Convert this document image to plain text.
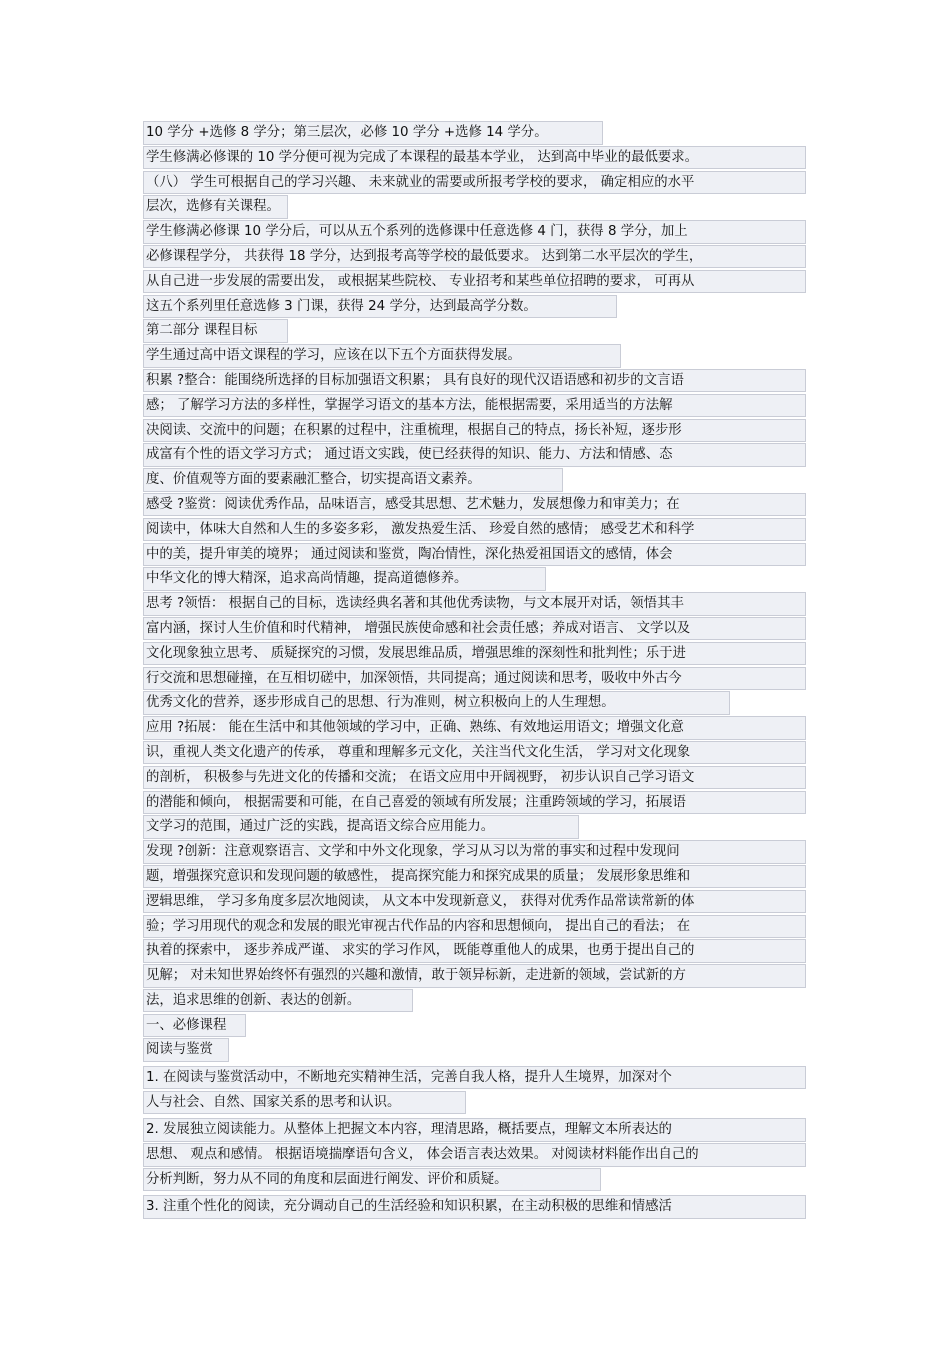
10 学分 +选修 8 学分；第三层次，必修 10 学分 +选修 14 学分。
学生修满必修课的 10 学分便可视为完成了本课程的最基本学业， 达到高中毕业的最低要求。
（八） 学生可根据自己的学习兴趣、 未来就业的需要或所报考学校的要求， 确定相应的水平
层次，选修有关课程。
学生修满必修课 10 学分后，可以从五个系列的选修课中任意选修 4 门，获得 8 学分，加上
必修课程学分， 共获得 18 学分，达到报考高等学校的最低要求。 达到第二水平层次的学生，
从自己进一步发展的需要出发， 或根据某些院校、 专业招考和某些单位招聘的要求， 可再从
这五个系列里任意选修 3 门课，获得 24 学分，达到最高学分数。
第二部分 课程目标
学生通过高中语文课程的学习，应该在以下五个方面获得发展。
积累 ?整合：能围绕所选择的目标加强语文积累； 具有良好的现代汉语语感和初步的文言语
感； 了解学习方法的多样性，掌握学习语文的基本方法，能根据需要，采用适当的方法解
决阅读、交流中的问题；在积累的过程中，注重梳理，根据自己的特点，扬长补短，逐步形
成富有个性的语文学习方式； 通过语文实践，使已经获得的知识、能力、方法和情感、态
度、价值观等方面的要素融汇整合，切实提高语文素养。
感受 ?鉴赏：阅读优秀作品，品味语言，感受其思想、艺术魅力，发展想像力和审美力；在
阅读中，体味大自然和人生的多姿多彩， 激发热爱生活、 珍爱自然的感情； 感受艺术和科学
中的美，提升审美的境界； 通过阅读和鉴赏，陶冶情性，深化热爱祖国语文的感情，体会
中华文化的博大精深，追求高尚情趣，提高道德修养。
思考 ?领悟： 根据自己的目标，选读经典名著和其他优秀读物，与文本展开对话，领悟其丰
富内涵，探讨人生价值和时代精神， 增强民族使命感和社会责任感；养成对语言、 文学以及
文化现象独立思考、 质疑探究的习惯，发展思维品质，增强思维的深刻性和批判性；乐于进
行交流和思想碰撞，在互相切磋中，加深领悟，共同提高；通过阅读和思考，吸收中外古今
优秀文化的营养，逐步形成自己的思想、行为准则，树立积极向上的人生理想。
应用 ?拓展： 能在生活中和其他领域的学习中，正确、熟练、有效地运用语文；增强文化意
识，重视人类文化遗产的传承， 尊重和理解多元文化，关注当代文化生活， 学习对文化现象
的剖析， 积极参与先进文化的传播和交流； 在语文应用中开阔视野， 初步认识自己学习语文
的潜能和倾向， 根据需要和可能，在自己喜爱的领域有所发展；注重跨领域的学习，拓展语
文学习的范围，通过广泛的实践，提高语文综合应用能力。
发现 ?创新：注意观察语言、文学和中外文化现象，学习从习以为常的事实和过程中发现问
题，增强探究意识和发现问题的敏感性， 提高探究能力和探究成果的质量； 发展形象思维和
逻辑思维， 学习多角度多层次地阅读， 从文本中发现新意义， 获得对优秀作品常读常新的体
验；学习用现代的观念和发展的眼光审视古代作品的内容和思想倾向， 提出自己的看法； 在
执着的探索中， 逐步养成严谨、 求实的学习作风， 既能尊重他人的成果，也勇于提出自己的
见解； 对未知世界始终怀有强烈的兴趣和激情，敢于领异标新，走进新的领域，尝试新的方
法，追求思维的创新、表达的创新。
一、必修课程
阅读与鉴赏
1. 在阅读与鉴赏活动中，不断地充实精神生活，完善自我人格，提升人生境界，加深对个
人与社会、自然、国家关系的思考和认识。
2. 发展独立阅读能力。从整体上把握文本内容，理清思路，概括要点，理解文本所表达的
思想、 观点和感情。 根据语境揣摩语句含义， 体会语言表达效果。 对阅读材料能作出自己的
分析判断，努力从不同的角度和层面进行阐发、评价和质疑。
3. 注重个性化的阅读，充分调动自己的生活经验和知识积累，在主动积极的思维和情感活
